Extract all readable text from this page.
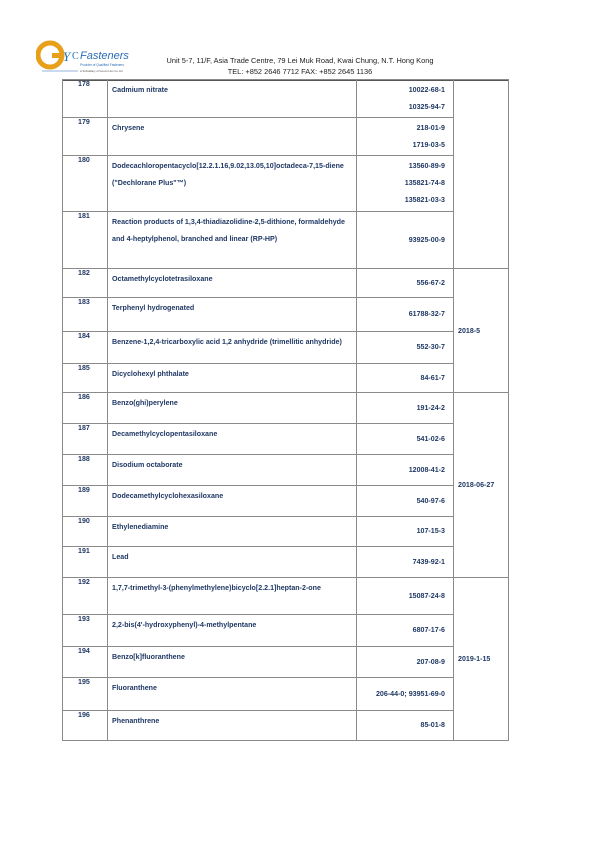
Y C Fasteners
Provider of Qualified Fasteners
A Subsidiary of Gooco Hon Co Ltd
Unit 5-7, 11/F, Asia Trade Centre, 79 Lei Muk Road, Kwai Chung, N.T. Hong Kong
TEL: +852 2646 7712 FAX: +852 2645 1136
178	Cadmium nitrate	10022-68-1
10325-94-7	

179	Chrysene	218-01-9
1719-03-5	

180	Dodecachloropentacyclo[12.2.1.16,9.02,13.05,10]octadeca-7,15-diene ("Dechlorane Plus"™)	13560-89-9
135821-74-8
135821-03-3	

181	Reaction products of 1,3,4-thiadiazolidine-2,5-dithione, formaldehyde and 4-heptylphenol, branched and linear (RP-HP)	93925-00-9	

182	Octamethylcyclotetrasiloxane	556-67-2	2018-5
183	Terphenyl hydrogenated	61788-32-7	

184	Benzene-1,2,4-tricarboxylic acid 1,2 anhydride (trimellitic anhydride)	552-30-7	

185	Dicyclohexyl phthalate	84-61-7	

186	Benzo(ghi)perylene	191-24-2	2018-06-27
187	Decamethylcyclopentasiloxane	541-02-6	

188	Disodium octaborate	12008-41-2	

189	Dodecamethylcyclohexasiloxane	540-97-6	

190	Ethylenediamine	107-15-3	

191	Lead	7439-92-1	

192	1,7,7-trimethyl-3-(phenylmethylene)bicyclo[2.2.1]heptan-2-one	15087-24-8	2019-1-15
193	2,2-bis(4'-hydroxyphenyl)-4-methylpentane	6807-17-6	

194	Benzo[k]fluoranthene	207-08-9	

195	Fluoranthene	206-44-0; 93951-69-0	

196	Phenanthrene	85-01-8	
